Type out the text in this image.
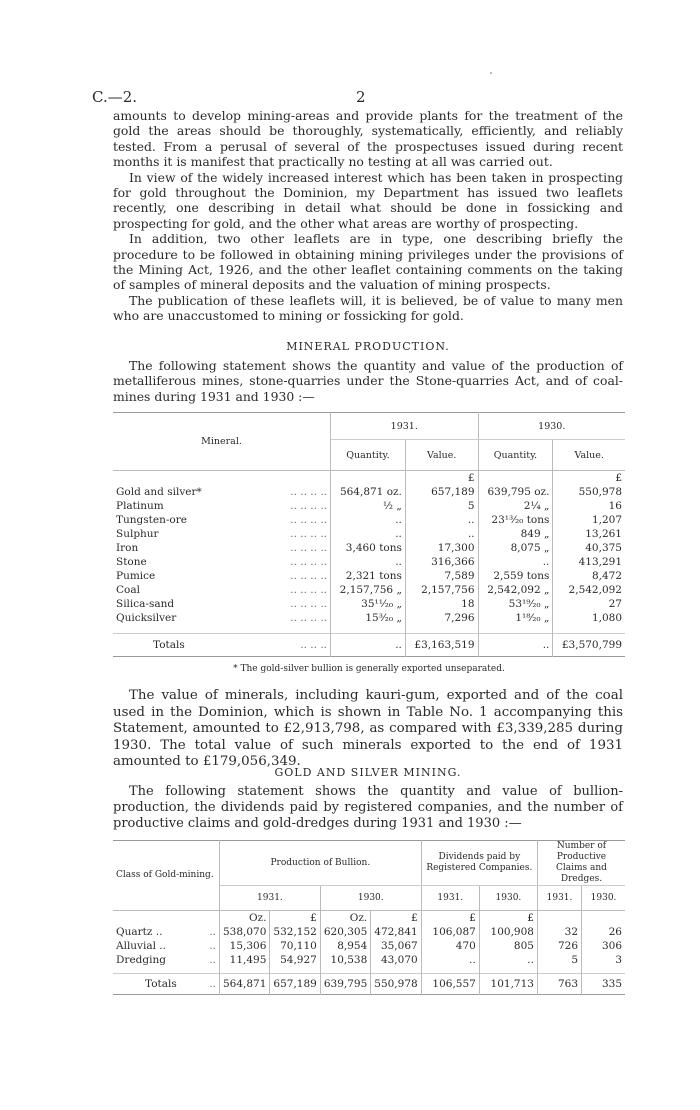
C.—2.	2

amounts to develop mining-areas and provide plants for the treatment of the gold the areas should be thoroughly, systematically, efficiently, and reliably tested. From a perusal of several of the prospectuses issued during recent months it is manifest that practically no testing at all was carried out.

In view of the widely increased interest which has been taken in prospecting for gold throughout the Dominion, my Department has issued two leaflets recently, one describing in detail what should be done in fossicking and prospecting for gold, and the other what areas are worthy of prospecting.

In addition, two other leaflets are in type, one describing briefly the procedure to be followed in obtaining mining privileges under the provisions of the Mining Act, 1926, and the other leaflet containing comments on the taking of samples of mineral deposits and the valuation of mining prospects.

The publication of these leaflets will, it is believed, be of value to many men who are unaccustomed to mining or fossicking for gold.

MINERAL PRODUCTION.

The following statement shows the quantity and value of the production of metalliferous mines, stone-quarries under the Stone-quarries Act, and of coal-mines during 1931 and 1930 :—

Mineral.	1931.		1930.	
	Quantity.	Value.	Quantity.	Value.
		£		£
Gold and silver* .. .. .. ..	564,871 oz.	657,189	639,795 oz.	550,978
Platinum .. .. .. ..	½ „	5	2¼ „	16
Tungsten-ore .. .. .. ..	..	..	23¹³⁄₂₀ tons	1,207
Sulphur .. .. .. ..	..	..	849 „	13,261
Iron .. .. .. ..	3,460 tons	17,300	8,075 „	40,375
Stone .. .. .. ..	..	316,366	..	413,291
Pumice .. .. .. ..	2,321 tons	7,589	2,559 tons	8,472
Coal .. .. .. ..	2,157,756 „	2,157,756	2,542,092 „	2,542,092
Silica-sand .. .. .. ..	35¹¹⁄₂₀ „	18	53¹⁹⁄₂₀ „	27
Quicksilver .. .. .. ..	15³⁄₂₀ „	7,296	1¹⁸⁄₂₀ „	1,080

Totals .. .. ..	..	£3,163,519	..	£3,570,799
* The gold-silver bullion is generally exported unseparated.

The value of minerals, including kauri-gum, exported and of the coal used in the Dominion, which is shown in Table No. 1 accompanying this Statement, amounted to £2,913,798, as compared with £3,339,285 during 1930. The total value of such minerals exported to the end of 1931 amounted to £179,056,349.

GOLD AND SILVER MINING.

The following statement shows the quantity and value of bullion-production, the dividends paid by registered companies, and the number of productive claims and gold-dredges during 1931 and 1930 :—

Class of Gold-mining.	Production of Bullion.				Dividends paid by Registered Companies.		Number of Productive Claims and Dredges.	
	1931.		1930.		1931.	1930.	1931.	1930.
	Oz.	£	Oz.	£	£	£		
Quartz .. ..	538,070	532,152	620,305	472,841	106,087	100,908	32	26
Alluvial .. ..	15,306	70,110	8,954	35,067	470	805	726	306
Dredging ..	11,495	54,927	10,538	43,070	..	..	5	3

Totals ..	564,871	657,189	639,795	550,978	106,557	101,713	763	335
